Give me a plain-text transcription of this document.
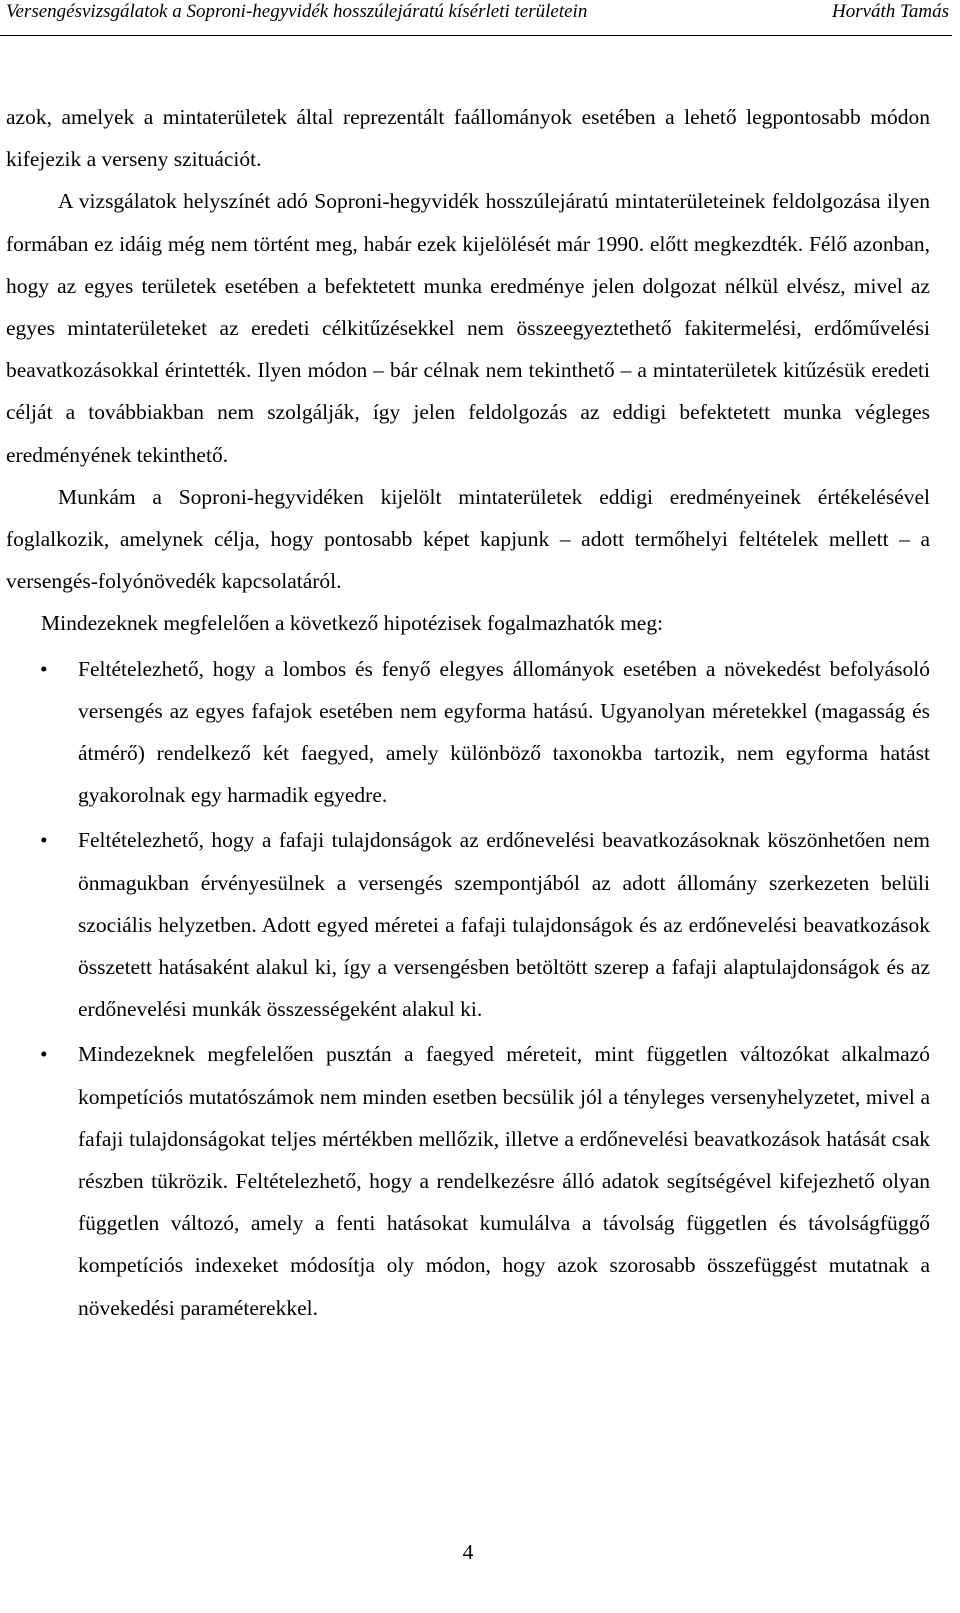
Versengésvizsgálatok a Soproni-hegyvidék hosszúlejáratú kísérleti területein	Horváth Tamás

azok, amelyek a mintaterületek által reprezentált faállományok esetében a lehető legpontosabb módon kifejezik a verseny szituációt.

A vizsgálatok helyszínét adó Soproni-hegyvidék hosszúlejáratú mintaterületeinek feldolgozása ilyen formában ez idáig még nem történt meg, habár ezek kijelölését már 1990. előtt megkezdték. Félő azonban, hogy az egyes területek esetében a befektetett munka eredménye jelen dolgozat nélkül elvész, mivel az egyes mintaterületeket az eredeti célkitűzésekkel nem összeegyeztethető fakitermelési, erdőművelési beavatkozásokkal érintették. Ilyen módon – bár célnak nem tekinthető – a mintaterületek kitűzésük eredeti célját a továbbiakban nem szolgálják, így jelen feldolgozás az eddigi befektetett munka végleges eredményének tekinthető.

Munkám a Soproni-hegyvidéken kijelölt mintaterületek eddigi eredményeinek értékelésével foglalkozik, amelynek célja, hogy pontosabb képet kapjunk – adott termőhelyi feltételek mellett – a versengés-folyónövedék kapcsolatáról.

Mindezeknek megfelelően a következő hipotézisek fogalmazhatók meg:

• Feltételezhető, hogy a lombos és fenyő elegyes állományok esetében a növekedést befolyásoló versengés az egyes fafajok esetében nem egyforma hatású. Ugyanolyan méretekkel (magasság és átmérő) rendelkező két faegyed, amely különböző taxonokba tartozik, nem egyforma hatást gyakorolnak egy harmadik egyedre.
• Feltételezhető, hogy a fafaji tulajdonságok az erdőnevelési beavatkozásoknak köszönhetően nem önmagukban érvényesülnek a versengés szempontjából az adott állomány szerkezeten belüli szociális helyzetben. Adott egyed méretei a fafaji tulajdonságok és az erdőnevelési beavatkozások összetett hatásaként alakul ki, így a versengésben betöltött szerep a fafaji alaptulajdonságok és az erdőnevelési munkák összességeként alakul ki.
• Mindezeknek megfelelően pusztán a faegyed méreteit, mint független változókat alkalmazó kompetíciós mutatószámok nem minden esetben becsülik jól a tényleges versenyhelyzetet, mivel a fafaji tulajdonságokat teljes mértékben mellőzik, illetve a erdőnevelési beavatkozások hatását csak részben tükrözik. Feltételezhető, hogy a rendelkezésre álló adatok segítségével kifejezhető olyan független változó, amely a fenti hatásokat kumulálva a távolság független és távolságfüggő kompetíciós indexeket módosítja oly módon, hogy azok szorosabb összefüggést mutatnak a növekedési paraméterekkel.
4
